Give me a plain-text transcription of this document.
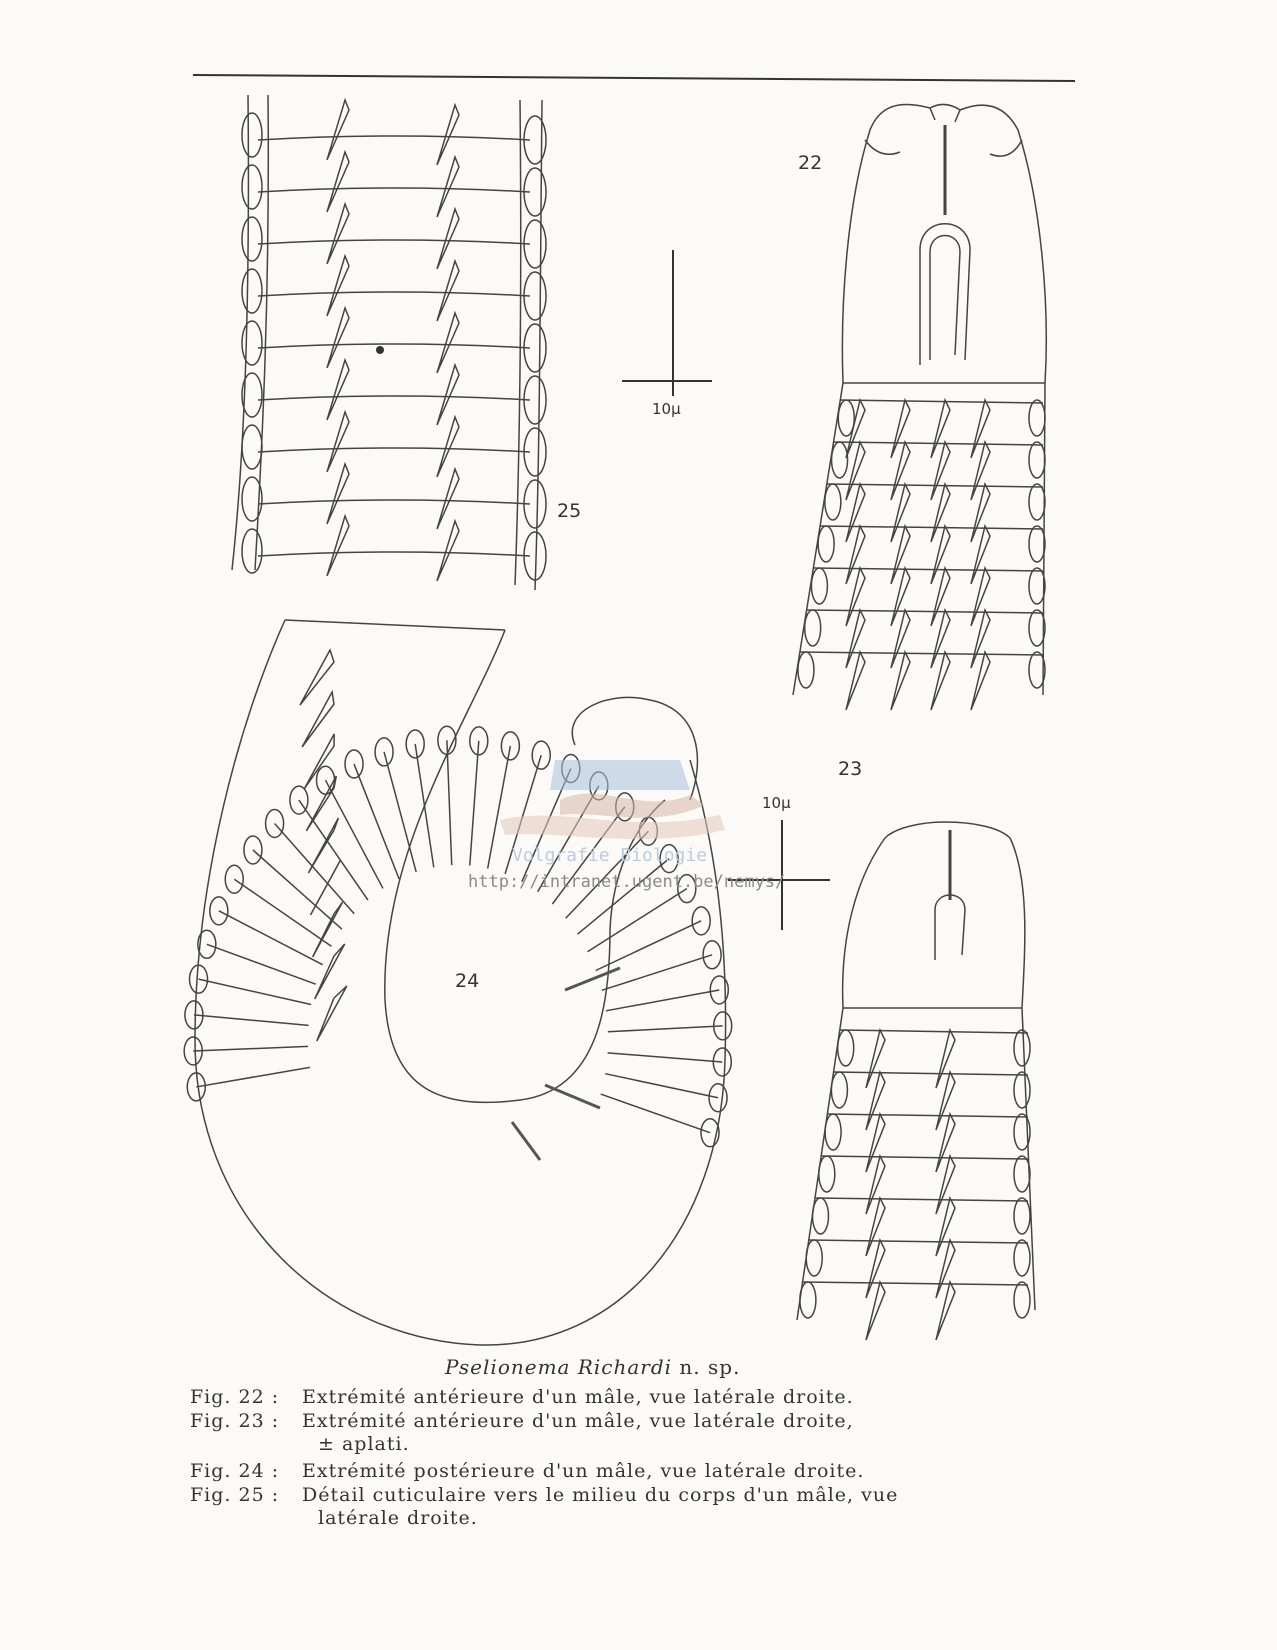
22
25
23
24
10μ
10μ
Volgrafie Biologie
http://intranet.ugent.be/nemys/
Pselionema Richardi n. sp.
Fig. 22 : Extrémité antérieure d'un mâle, vue latérale droite.
Fig. 23 : Extrémité antérieure d'un mâle, vue latérale droite,
± aplati.
Fig. 24 : Extrémité postérieure d'un mâle, vue latérale droite.
Fig. 25 : Détail cuticulaire vers le milieu du corps d'un mâle, vue
latérale droite.
